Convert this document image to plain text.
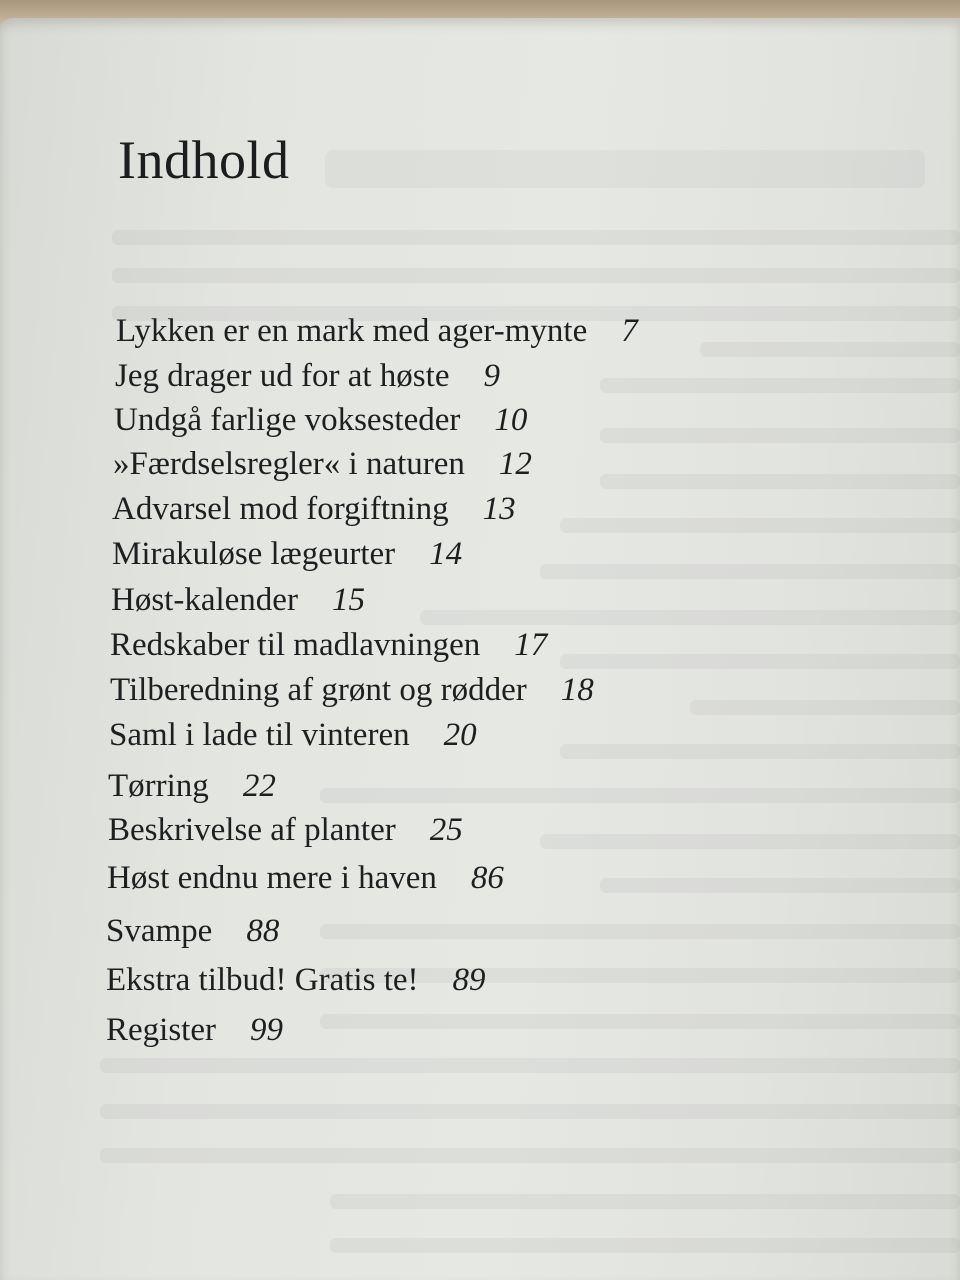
Indhold
Lykken er en mark med ager-mynte 7
Jeg drager ud for at høste 9
Undgå farlige voksesteder 10
»Færdselsregler« i naturen 12
Advarsel mod forgiftning 13
Mirakuløse lægeurter 14
Høst-kalender 15
Redskaber til madlavningen 17
Tilberedning af grønt og rødder 18
Saml i lade til vinteren 20
Tørring 22
Beskrivelse af planter 25
Høst endnu mere i haven 86
Svampe 88
Ekstra tilbud! Gratis te! 89
Register 99
